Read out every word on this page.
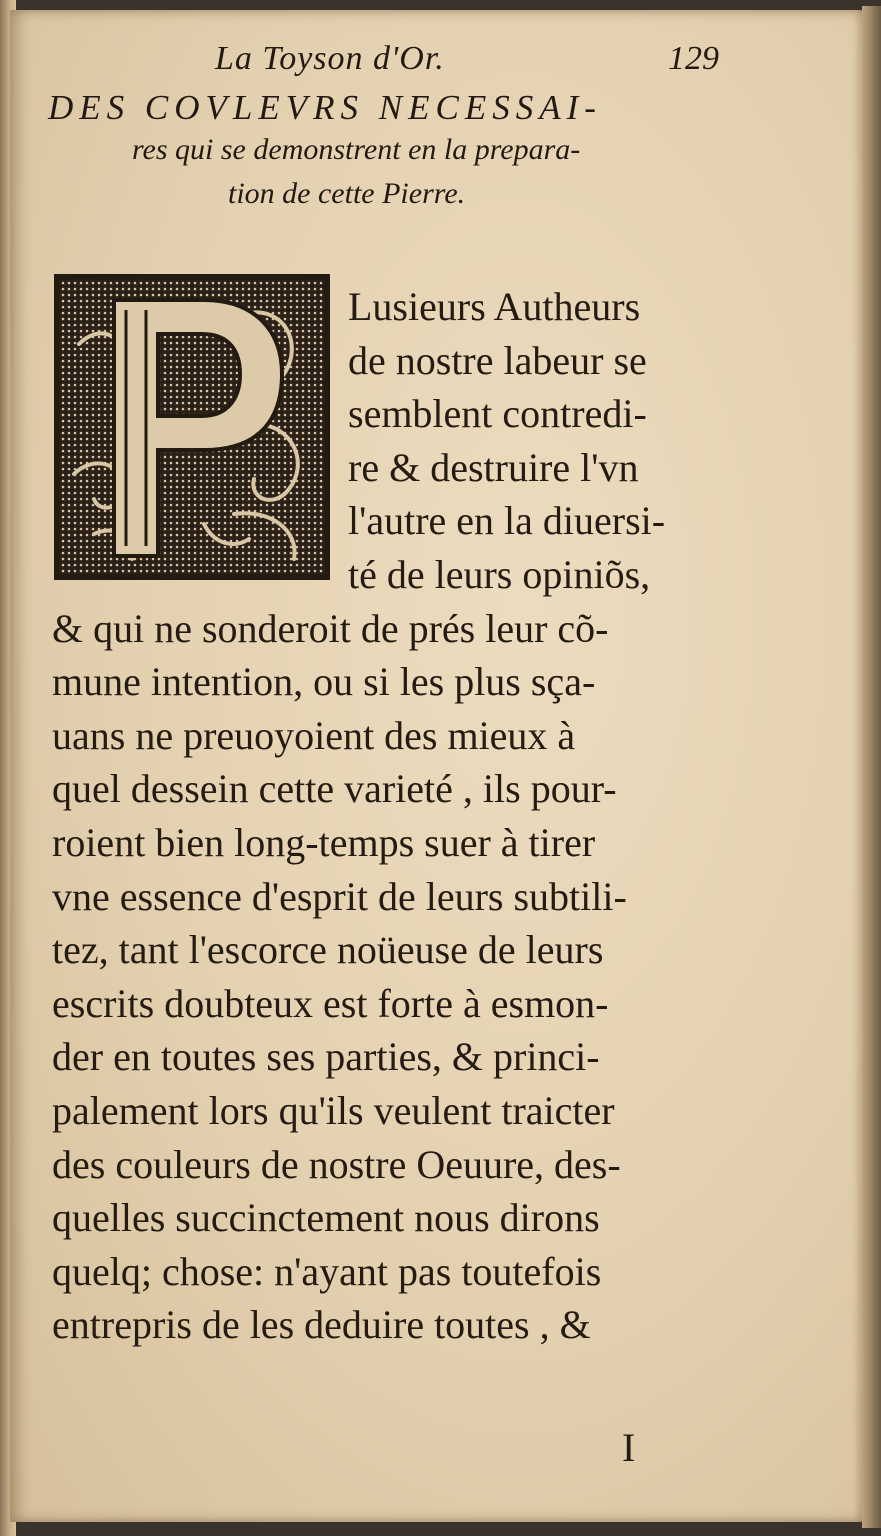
La Toyson d'Or.	129
DES COVLEVRS NECESSAI-
res qui se demonstrent en la prepara-
tion de cette Pierre.

Lusieurs Autheurs
de nostre labeur se
semblent contredi-
re & destruire l'vn
l'autre en la diuersi-
té de leurs opiniõs,
& qui ne sonderoit de prés leur cõ-
mune intention, ou si les plus sça-
uans ne preuoyoient des mieux à
quel dessein cette varieté , ils pour-
roient bien long-temps suer à tirer
vne essence d'esprit de leurs subtili-
tez, tant l'escorce noüeuse de leurs
escrits doubteux est forte à esmon-
der en toutes ses parties, & princi-
palement lors qu'ils veulent traicter
des couleurs de nostre Oeuure, des-
quelles succinctement nous dirons
quelq; chose: n'ayant pas toutefois
entrepris de les deduire toutes , &

I
